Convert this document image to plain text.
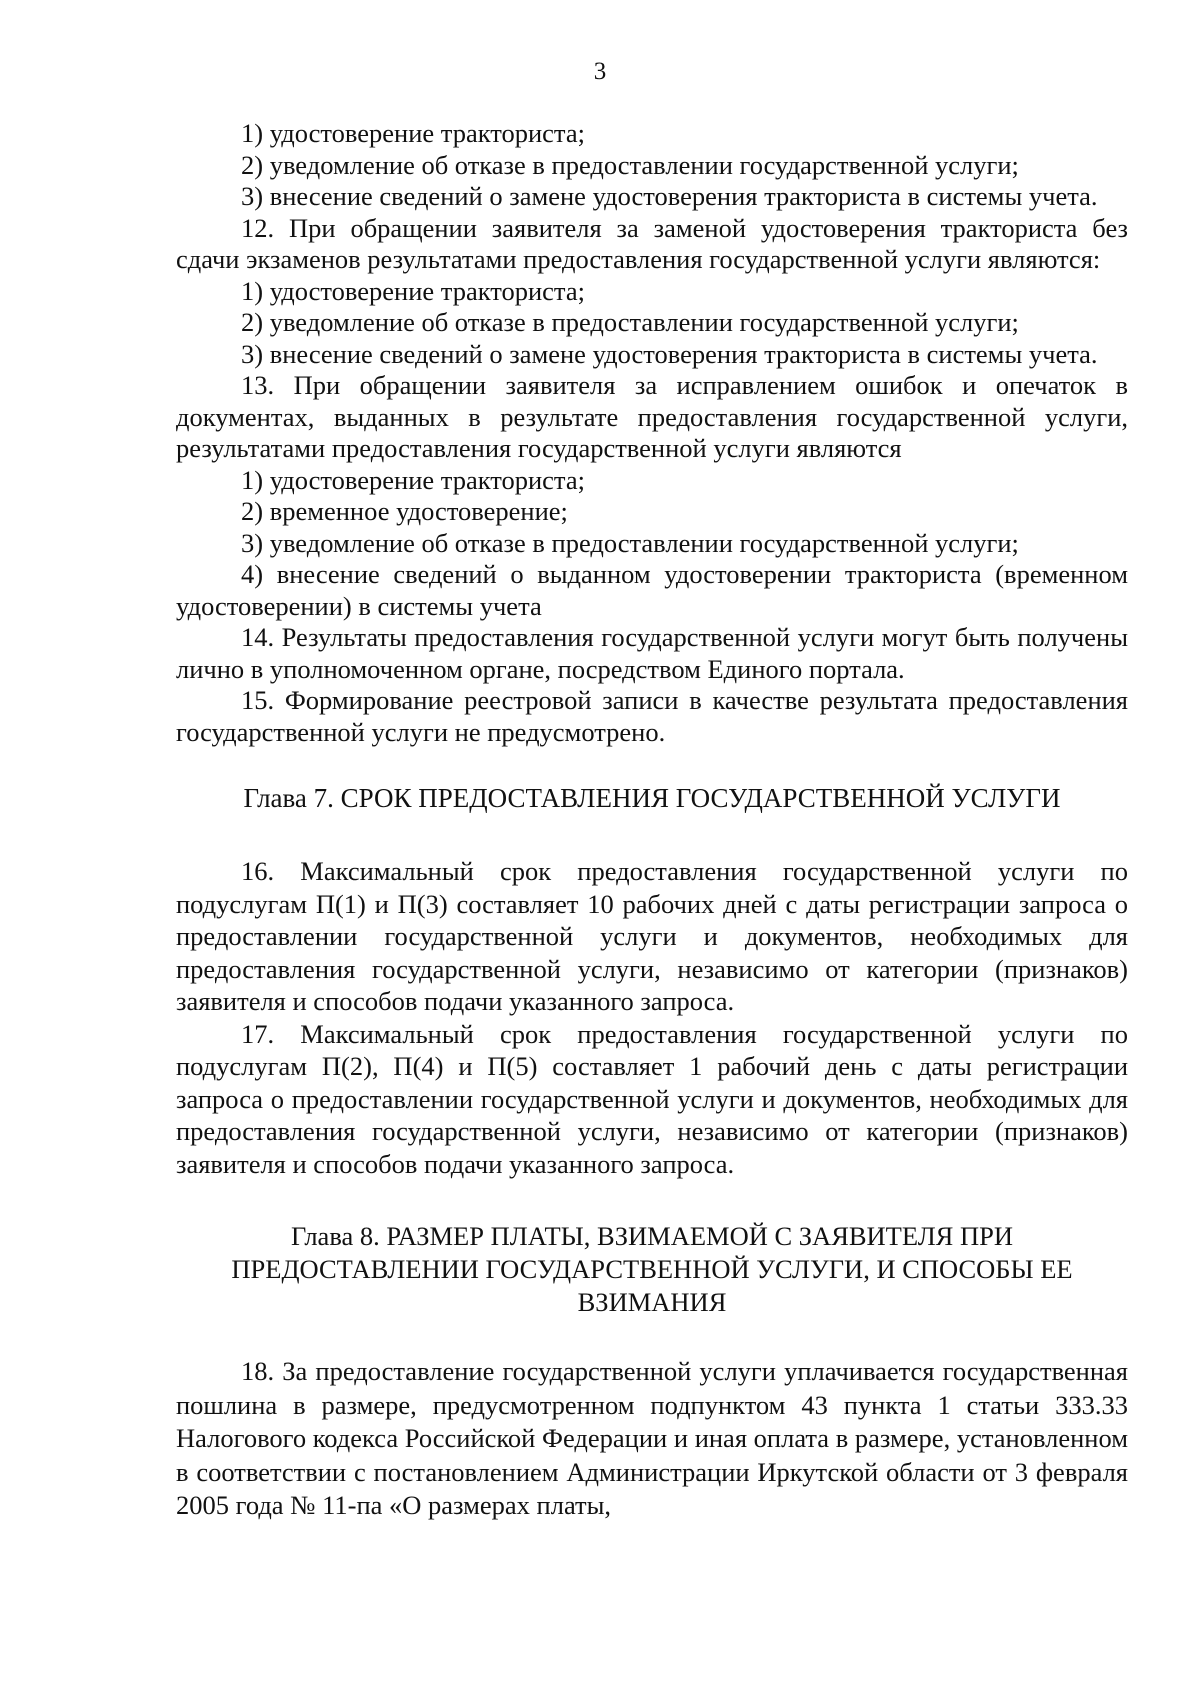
3

1) удостоверение тракториста;

2) уведомление об отказе в предоставлении государственной услуги;

3) внесение сведений о замене удостоверения тракториста в системы учета.

12. При обращении заявителя за заменой удостоверения тракториста без сдачи экзаменов результатами предоставления государственной услуги являются:

1) удостоверение тракториста;

2) уведомление об отказе в предоставлении государственной услуги;

3) внесение сведений о замене удостоверения тракториста в системы учета.

13. При обращении заявителя за исправлением ошибок и опечаток в документах, выданных в результате предоставления государственной услуги, результатами предоставления государственной услуги являются

1) удостоверение тракториста;

2) временное удостоверение;

3) уведомление об отказе в предоставлении государственной услуги;

4) внесение сведений о выданном удостоверении тракториста (временном удостоверении) в системы учета

14. Результаты предоставления государственной услуги могут быть получены лично в уполномоченном органе, посредством Единого портала.

15. Формирование реестровой записи в качестве результата предоставления государственной услуги не предусмотрено.

Глава 7. СРОК ПРЕДОСТАВЛЕНИЯ ГОСУДАРСТВЕННОЙ УСЛУГИ

16. Максимальный срок предоставления государственной услуги по подуслугам П(1) и П(3) составляет 10 рабочих дней с даты регистрации запроса о предоставлении государственной услуги и документов, необходимых для предоставления государственной услуги, независимо от категории (признаков) заявителя и способов подачи указанного запроса.

17. Максимальный срок предоставления государственной услуги по подуслугам П(2), П(4) и П(5) составляет 1 рабочий день с даты регистрации запроса о предоставлении государственной услуги и документов, необходимых для предоставления государственной услуги, независимо от категории (признаков) заявителя и способов подачи указанного запроса.

Глава 8. РАЗМЕР ПЛАТЫ, ВЗИМАЕМОЙ С ЗАЯВИТЕЛЯ ПРИ
ПРЕДОСТАВЛЕНИИ ГОСУДАРСТВЕННОЙ УСЛУГИ, И СПОСОБЫ ЕЕ
ВЗИМАНИЯ

18. За предоставление государственной услуги уплачивается государственная пошлина в размере, предусмотренном подпунктом 43 пункта 1 статьи 333.33 Налогового кодекса Российской Федерации и иная оплата в размере, установленном в соответствии с постановлением Администрации Иркутской области от 3 февраля 2005 года № 11-па «О размерах платы,
